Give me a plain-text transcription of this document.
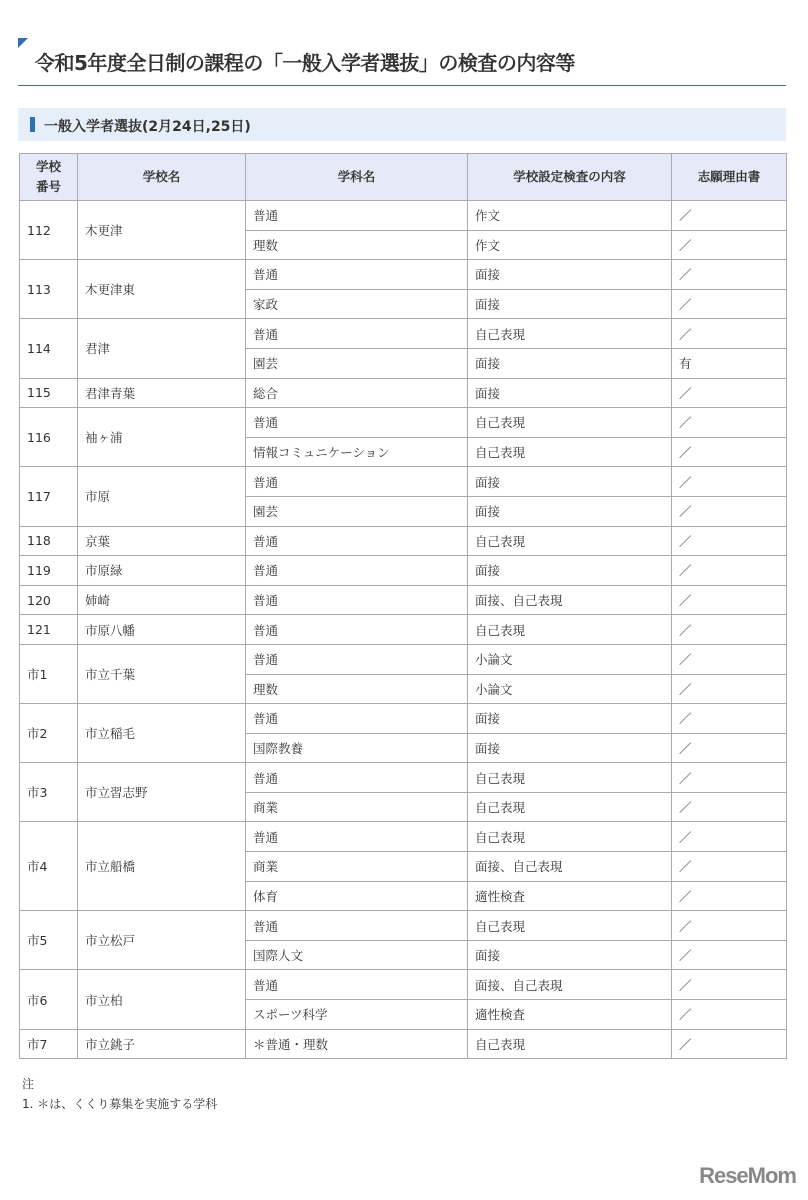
令和5年度全日制の課程の「一般入学者選抜」の検査の内容等
一般入学者選抜(2月24日,25日)
学校番号	学校名	学科名	学校設定検査の内容	志願理由書
112	木更津	普通	作文	／
		理数	作文	／
113	木更津東	普通	面接	／
		家政	面接	／
114	君津	普通	自己表現	／
		園芸	面接	有
115	君津青葉	総合	面接	／
116	袖ヶ浦	普通	自己表現	／
		情報コミュニケーション	自己表現	／
117	市原	普通	面接	／
		園芸	面接	／
118	京葉	普通	自己表現	／
119	市原緑	普通	面接	／
120	姉崎	普通	面接、自己表現	／
121	市原八幡	普通	自己表現	／
市1	市立千葉	普通	小論文	／
		理数	小論文	／
市2	市立稲毛	普通	面接	／
		国際教養	面接	／
市3	市立習志野	普通	自己表現	／
		商業	自己表現	／
市4	市立船橋	普通	自己表現	／
		商業	面接、自己表現	／
		体育	適性検査	／
市5	市立松戸	普通	自己表現	／
		国際人文	面接	／
市6	市立柏	普通	面接、自己表現	／
		スポーツ科学	適性検査	／
市7	市立銚子	＊普通・理数	自己表現	／
注
1. ＊は、くくり募集を実施する学科
ReseMom
